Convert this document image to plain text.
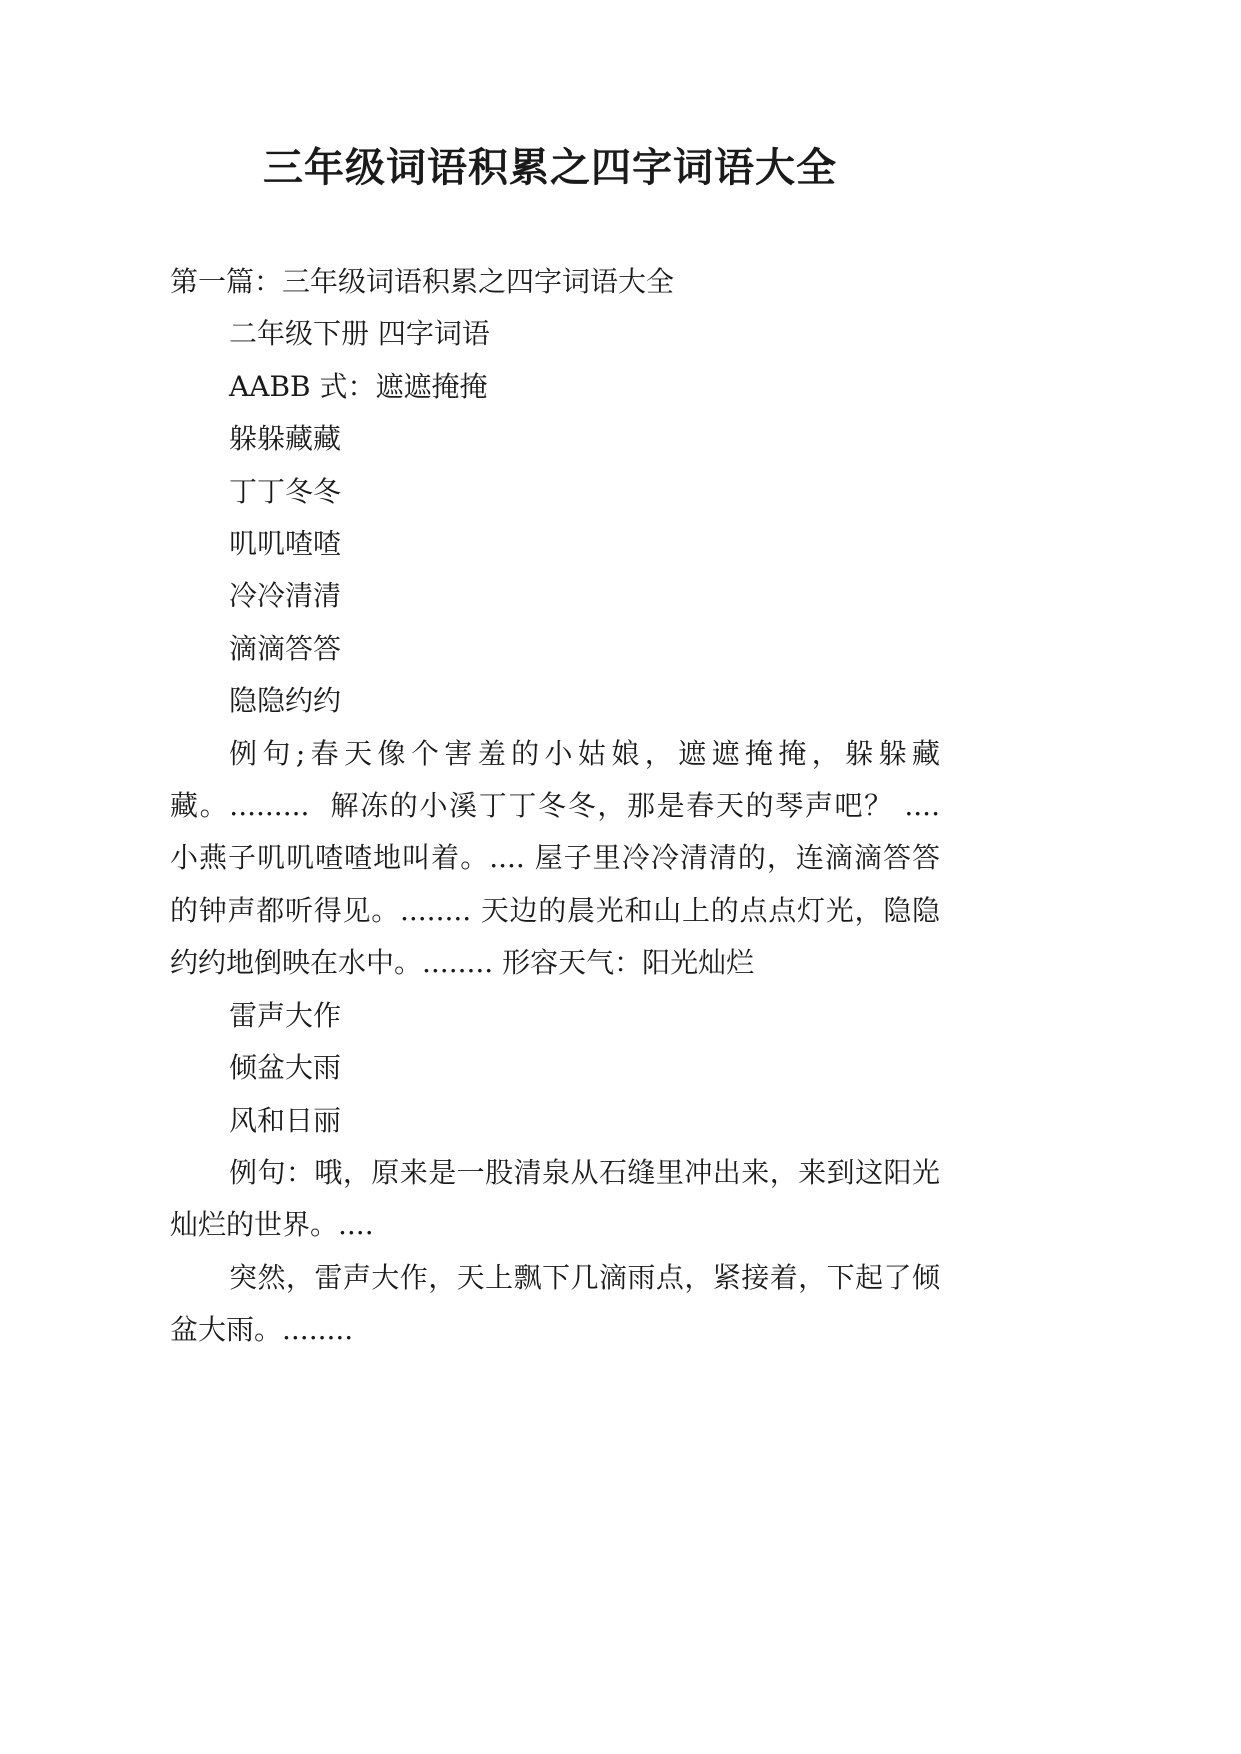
三年级词语积累之四字词语大全

第一篇：三年级词语积累之四字词语大全

二年级下册 四字词语

AABB 式：遮遮掩掩

躲躲藏藏

丁丁冬冬

叽叽喳喳

冷冷清清

滴滴答答

隐隐约约

例句;春天像个害羞的小姑娘，遮遮掩掩，躲躲藏藏。.........  解冻的小溪丁丁冬冬，那是春天的琴声吧？ ....  小燕子叽叽喳喳地叫着。.... 屋子里冷冷清清的，连滴滴答答的钟声都听得见。........ 天边的晨光和山上的点点灯光，隐隐约约地倒映在水中。........ 形容天气：阳光灿烂

雷声大作

倾盆大雨

风和日丽

例句：哦，原来是一股清泉从石缝里冲出来，来到这阳光灿烂的世界。....

突然，雷声大作，天上飘下几滴雨点，紧接着，下起了倾盆大雨。........
